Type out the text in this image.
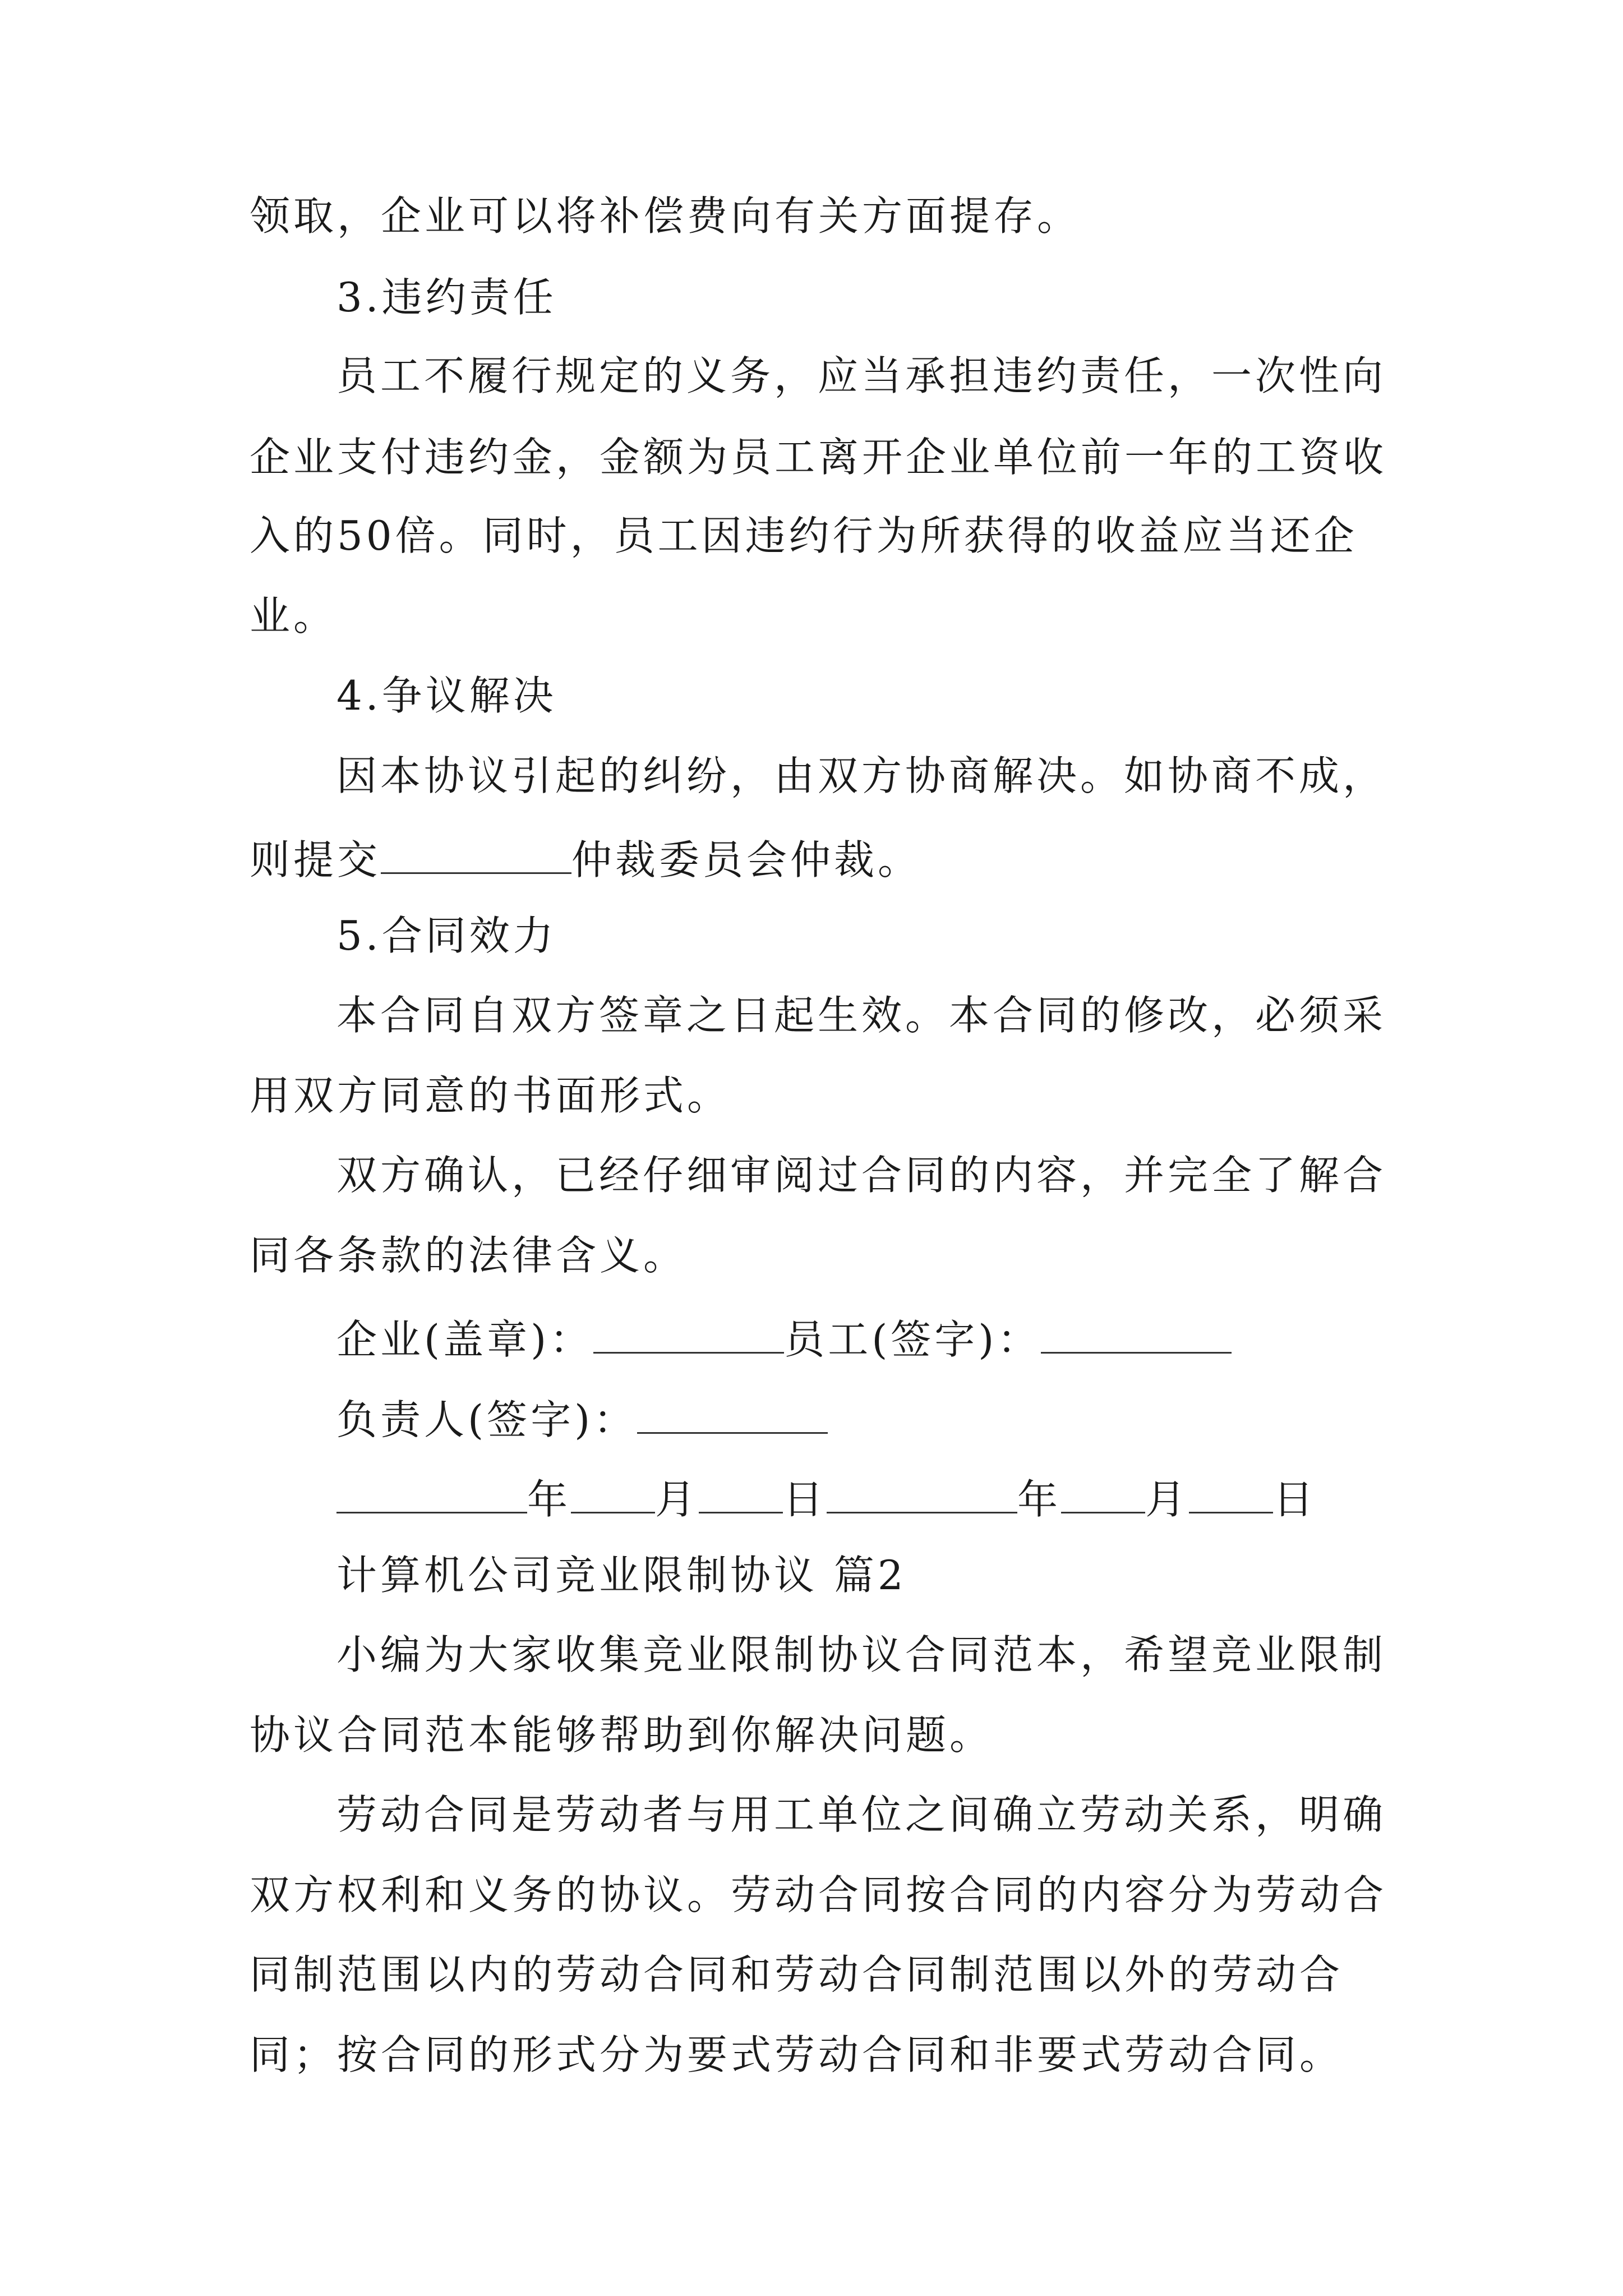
领取，企业可以将补偿费向有关方面提存。
3.违约责任
员工不履行规定的义务，应当承担违约责任，一次性向
企业支付违约金，金额为员工离开企业单位前一年的工资收
入的50倍。同时，员工因违约行为所获得的收益应当还企
业。
4.争议解决
因本协议引起的纠纷，由双方协商解决。如协商不成，
则提交	仲裁委员会仲裁。
5.合同效力
本合同自双方签章之日起生效。本合同的修改，必须采
用双方同意的书面形式。
双方确认，已经仔细审阅过合同的内容，并完全了解合
同各条款的法律含义。
企业(盖章)：	员工(签字)：
负责人(签字)：
年 月 日	年 月 日
计算机公司竞业限制协议 篇2
小编为大家收集竞业限制协议合同范本，希望竞业限制
协议合同范本能够帮助到你解决问题。
劳动合同是劳动者与用工单位之间确立劳动关系，明确
双方权利和义务的协议。劳动合同按合同的内容分为劳动合
同制范围以内的劳动合同和劳动合同制范围以外的劳动合
同；按合同的形式分为要式劳动合同和非要式劳动合同。
